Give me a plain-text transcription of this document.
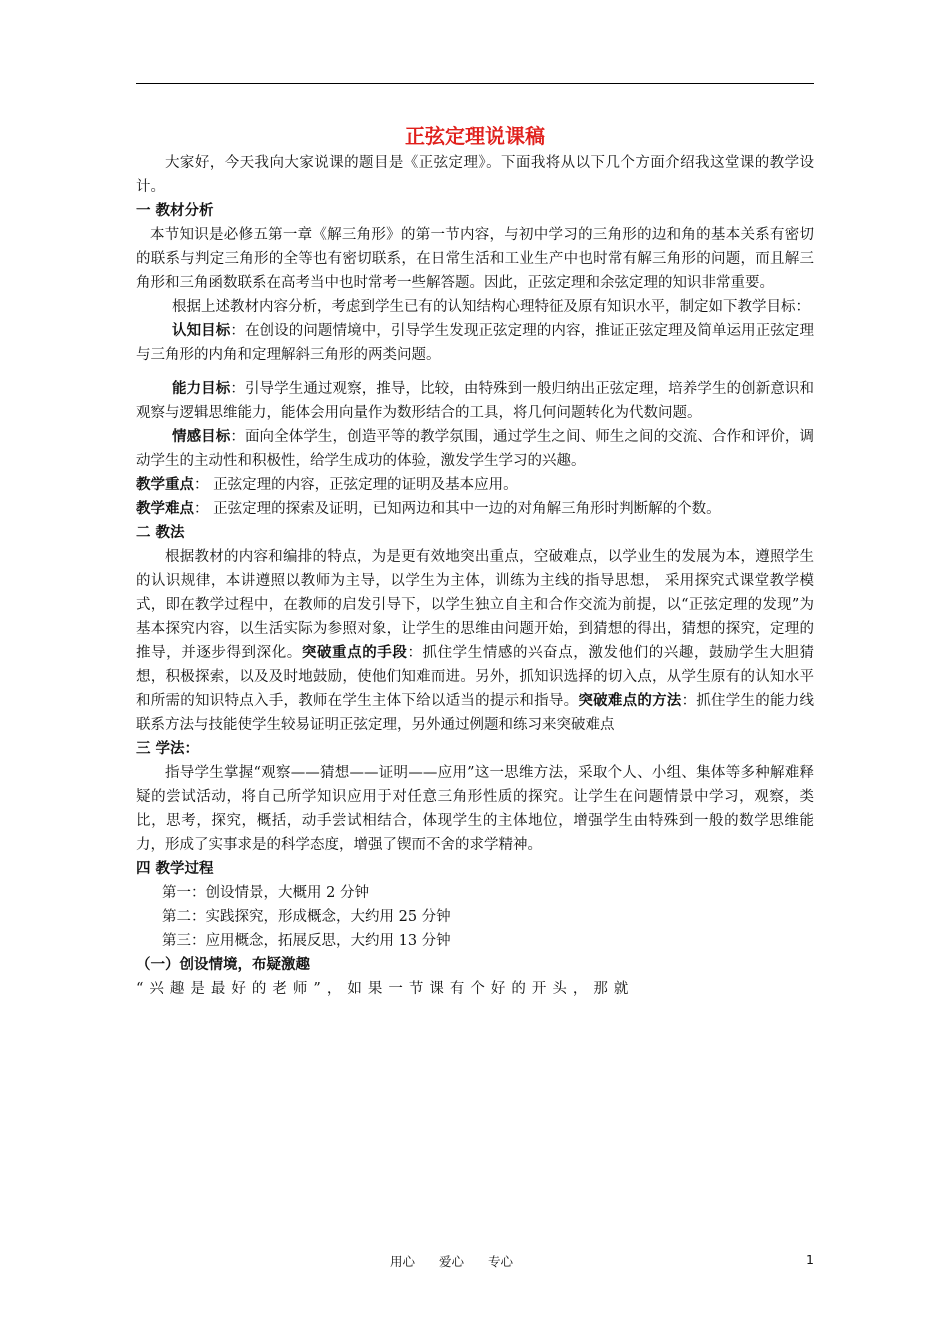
正弦定理说课稿

大家好，今天我向大家说课的题目是《正弦定理》。下面我将从以下几个方面介绍我这堂课的教学设计。

一 教材分析

本节知识是必修五第一章《解三角形》的第一节内容，与初中学习的三角形的边和角的基本关系有密切的联系与判定三角形的全等也有密切联系，在日常生活和工业生产中也时常有解三角形的问题，而且解三角形和三角函数联系在高考当中也时常考一些解答题。因此，正弦定理和余弦定理的知识非常重要。

根据上述教材内容分析，考虑到学生已有的认知结构心理特征及原有知识水平，制定如下教学目标：

认知目标：在创设的问题情境中，引导学生发现正弦定理的内容，推证正弦定理及简单运用正弦定理与三角形的内角和定理解斜三角形的两类问题。

能力目标：引导学生通过观察，推导，比较，由特殊到一般归纳出正弦定理，培养学生的创新意识和观察与逻辑思维能力，能体会用向量作为数形结合的工具，将几何问题转化为代数问题。

情感目标：面向全体学生，创造平等的教学氛围，通过学生之间、师生之间的交流、合作和评价，调动学生的主动性和积极性，给学生成功的体验，激发学生学习的兴趣。

教学重点： 正弦定理的内容，正弦定理的证明及基本应用。

教学难点： 正弦定理的探索及证明，已知两边和其中一边的对角解三角形时判断解的个数。

二 教法

根据教材的内容和编排的特点，为是更有效地突出重点，空破难点，以学业生的发展为本，遵照学生的认识规律，本讲遵照以教师为主导，以学生为主体，训练为主线的指导思想， 采用探究式课堂教学模式，即在教学过程中，在教师的启发引导下，以学生独立自主和合作交流为前提，以“正弦定理的发现”为基本探究内容，以生活实际为参照对象，让学生的思维由问题开始，到猜想的得出，猜想的探究，定理的推导，并逐步得到深化。突破重点的手段：抓住学生情感的兴奋点，激发他们的兴趣，鼓励学生大胆猜想，积极探索，以及及时地鼓励，使他们知难而进。另外，抓知识选择的切入点，从学生原有的认知水平和所需的知识特点入手，教师在学生主体下给以适当的提示和指导。突破难点的方法：抓住学生的能力线联系方法与技能使学生较易证明正弦定理，另外通过例题和练习来突破难点

三 学法：

指导学生掌握“观察——猜想——证明——应用”这一思维方法，采取个人、小组、集体等多种解难释疑的尝试活动，将自己所学知识应用于对任意三角形性质的探究。让学生在问题情景中学习，观察，类比，思考，探究，概括，动手尝试相结合，体现学生的主体地位，增强学生由特殊到一般的数学思维能力，形成了实事求是的科学态度，增强了锲而不舍的求学精神。

四 教学过程

第一：创设情景，大概用 2 分钟

第二：实践探究，形成概念，大约用 25 分钟

第三：应用概念，拓展反思，大约用 13 分钟

（一）创设情境，布疑激趣

“兴趣是最好的老师”，如果一节课有个好的开头，那就

用心 爱心 专心	1
